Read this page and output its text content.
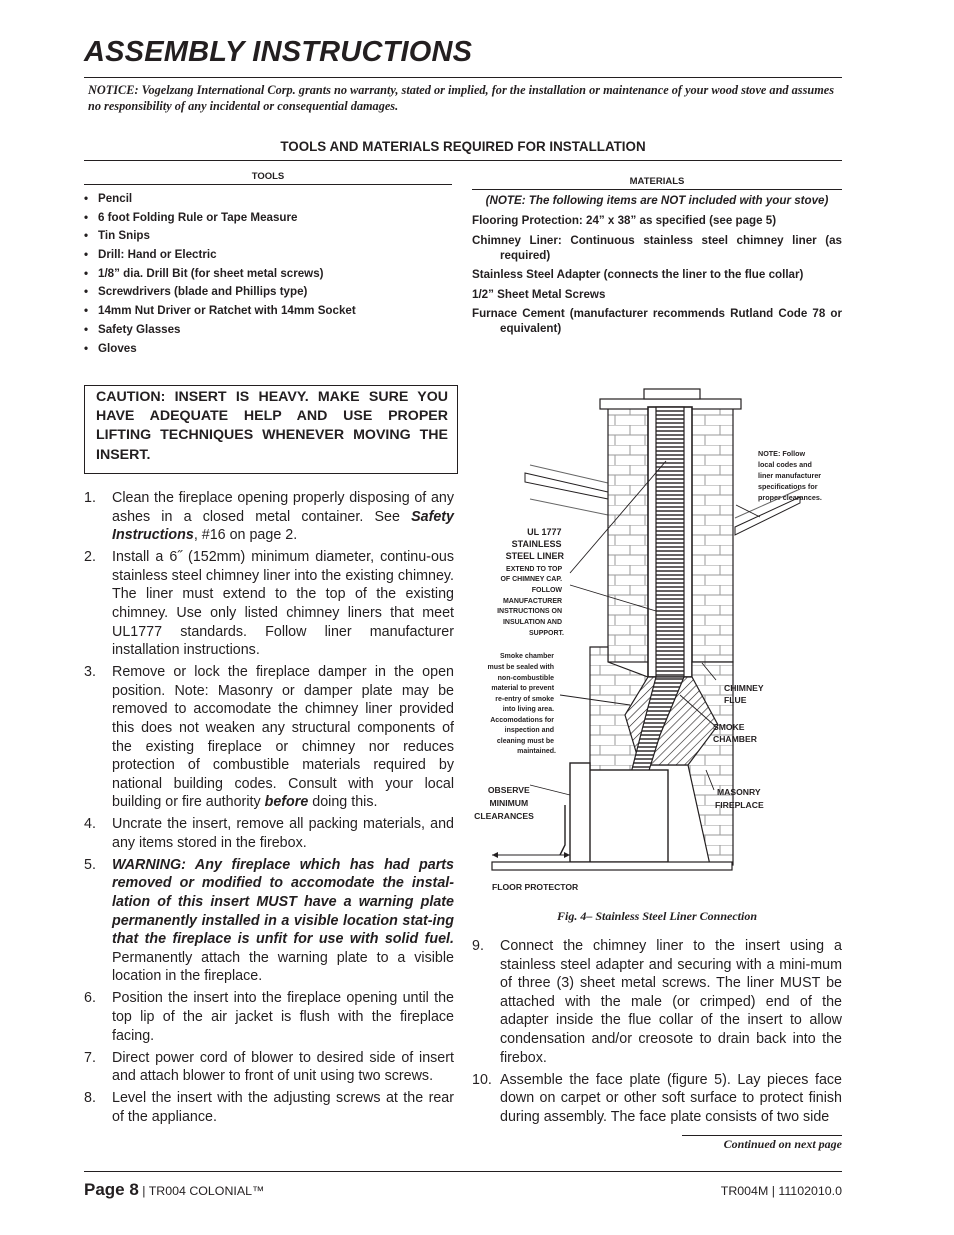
ASSEMBLY INSTRUCTIONS
NOTICE: Vogelzang International Corp. grants no warranty, stated or implied, for the installation or maintenance of your wood stove and assumes no responsibility of any incidental or consequential damages.
TOOLS AND MATERIALS REQUIRED FOR INSTALLATION
TOOLS	MATERIALS
• Pencil
• 6 foot Folding Rule or Tape Measure
• Tin Snips
• Drill: Hand or Electric
• 1/8” dia. Drill Bit (for sheet metal screws)
• Screwdrivers (blade and Phillips type)
• 14mm Nut Driver or Ratchet with 14mm Socket
• Safety Glasses
• Gloves
(NOTE: The following items are NOT included with your stove)
Flooring Protection: 24” x 38” as specified (see page 5)
Chimney Liner: Continuous stainless steel chimney liner (as required)
Stainless Steel Adapter (connects the liner to the flue collar)
1/2” Sheet Metal Screws
Furnace Cement (manufacturer recommends Rutland Code 78 or equivalent)
CAUTION: INSERT IS HEAVY. MAKE SURE YOU HAVE ADEQUATE HELP AND USE PROPER LIFTING TECHNIQUES WHENEVER MOVING THE INSERT.
1. Clean the fireplace opening properly disposing of any ashes in a closed metal container. See Safety Instructions, #16 on page 2.
2. Install a 6˝ (152mm) minimum diameter, continu-ous stainless steel chimney liner into the existing chimney. The liner must extend to the top of the existing chimney. Use only listed chimney liners that meet UL1777 standards. Follow liner manufacturer installation instructions.
3. Remove or lock the fireplace damper in the open position. Note: Masonry or damper plate may be removed to accomodate the chimney liner provided this does not weaken any structural components of the existing fireplace or chimney nor reduces protection of combustible materials required by national building codes. Consult with your local building or fire authority before doing this.
4. Uncrate the insert, remove all packing materials, and any items stored in the firebox.
5. WARNING: Any fireplace which has had parts removed or modified to accomodate the instal-lation of this insert MUST have a warning plate permanently installed in a visible location stat-ing that the fireplace is unfit for use with solid fuel. Permanently attach the warning plate to a visible location in the fireplace.
6. Position the insert into the fireplace opening until the top lip of the air jacket is flush with the fireplace facing.
7. Direct power cord of blower to desired side of insert and attach blower to front of unit using two screws.
8. Level the insert with the adjusting screws at the rear of the appliance.
NOTE: Follow local codes and liner manufacturer specifications for proper clearances.
UL 1777 STAINLESS STEEL LINER
EXTEND TO TOP OF CHIMNEY CAP. FOLLOW MANUFACTURER INSTRUCTIONS ON INSULATION AND SUPPORT.
Smoke chamber must be sealed with non-combustible material to prevent re-entry of smoke into living area. Accomodations for inspection and cleaning must be maintained.
CHIMNEY FLUE
SMOKE CHAMBER
MASONRY FIREPLACE
OBSERVE MINIMUM CLEARANCES
FLOOR PROTECTOR
Fig. 4– Stainless Steel Liner Connection
9. Connect the chimney liner to the insert using a stainless steel adapter and securing with a mini-mum of three (3) sheet metal screws. The liner MUST be attached with the male (or crimped) end of the adapter inside the flue collar of the insert to allow condensation and/or creosote to drain back into the firebox.
10. Assemble the face plate (figure 5). Lay pieces face down on carpet or other soft surface to protect finish during assembly. The face plate consists of two side
Continued on next page
Page 8 | TR004 COLONIAL™	TR004M | 11102010.0
